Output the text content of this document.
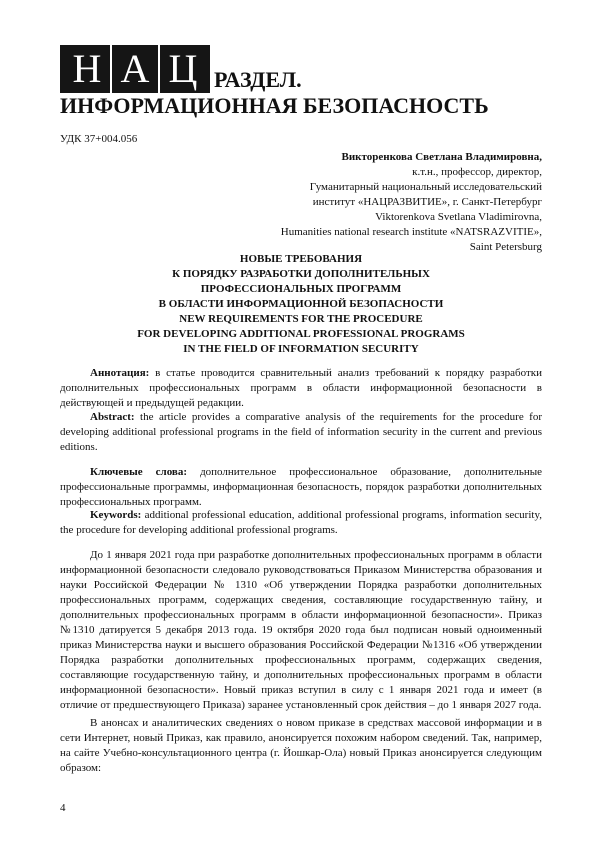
Н А Ц РАЗДЕЛ.
ИНФОРМАЦИОННАЯ БЕЗОПАСНОСТЬ
УДК 37+004.056
Викторенкова Светлана Владимировна,
к.т.н., профессор, директор,
Гуманитарный национальный исследовательский
институт «НАЦРАЗВИТИЕ», г. Санкт-Петербург
Viktorenkova Svetlana Vladimirovna,
Humanities national research institute «NATSRAZVITIE»,
Saint Petersburg
НОВЫЕ ТРЕБОВАНИЯ
К ПОРЯДКУ РАЗРАБОТКИ ДОПОЛНИТЕЛЬНЫХ
ПРОФЕССИОНАЛЬНЫХ ПРОГРАММ
В ОБЛАСТИ ИНФОРМАЦИОННОЙ БЕЗОПАСНОСТИ
NEW REQUIREMENTS FOR THE PROCEDURE
FOR DEVELOPING ADDITIONAL PROFESSIONAL PROGRAMS
IN THE FIELD OF INFORMATION SECURITY
Аннотация: в статье проводится сравнительный анализ требований к порядку разработки дополнительных профессиональных программ в области информационной безопасности в действующей и предыдущей редакции.
Abstract: the article provides a comparative analysis of the requirements for the procedure for developing additional professional programs in the field of information security in the current and previous editions.
Ключевые слова: дополнительное профессиональное образование, дополнительные профессиональные программы, информационная безопасность, порядок разработки дополнительных профессиональных программ.
Keywords: additional professional education, additional professional programs, information security, the procedure for developing additional professional programs.
До 1 января 2021 года при разработке дополнительных профессиональных программ в области информационной безопасности следовало руководствоваться Приказом Министерства образования и науки Российской Федерации № 1310 «Об утверждении Порядка разработки дополнительных профессиональных программ, содержащих сведения, составляющие государственную тайну, и дополнительных профессиональных программ в области информационной безопасности». Приказ №1310 датируется 5 декабря 2013 года. 19 октября 2020 года был подписан новый одноименный приказ Министерства науки и высшего образования Российской Федерации №1316 «Об утверждении Порядка разработки дополнительных профессиональных программ, содержащих сведения, составляющие государственную тайну, и дополнительных профессиональных программ в области информационной безопасности». Новый приказ вступил в силу с 1 января 2021 года и имеет (в отличие от предшествующего Приказа) заранее установленный срок действия – до 1 января 2027 года.
В анонсах и аналитических сведениях о новом приказе в средствах массовой информации и в сети Интернет, новый Приказ, как правило, анонсируется похожим набором сведений. Так, например, на сайте Учебно-консультационного центра (г. Йошкар-Ола) новый Приказ анонсируется следующим образом:
4
